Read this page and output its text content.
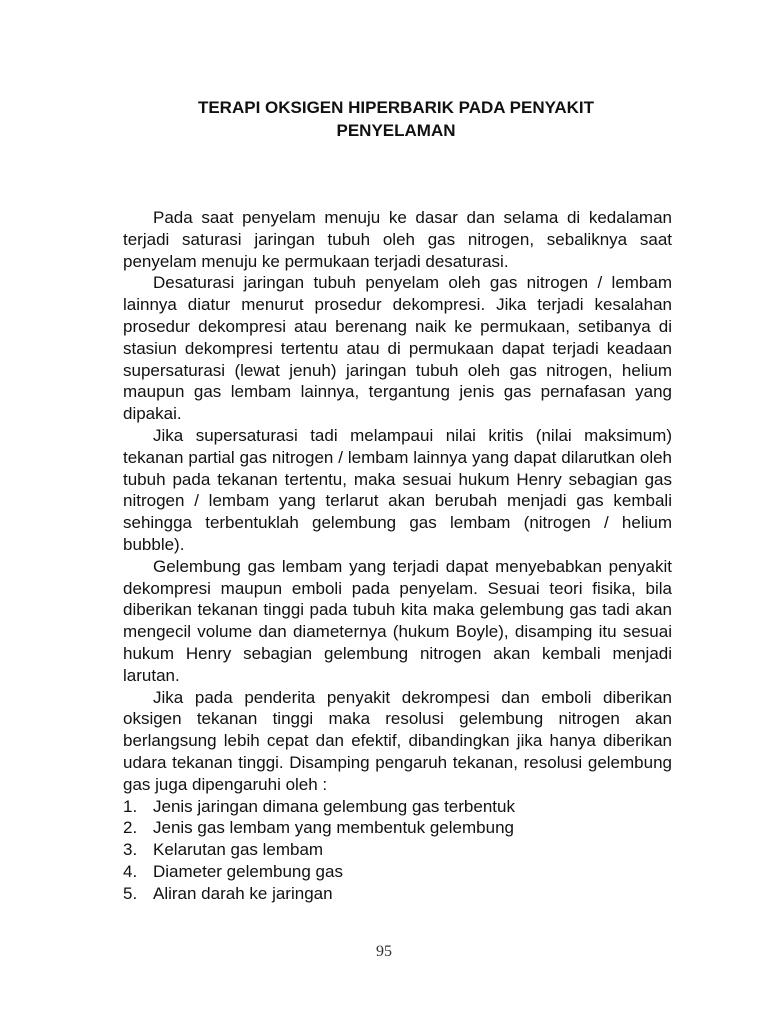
TERAPI OKSIGEN HIPERBARIK PADA PENYAKIT
PENYELAMAN

Pada saat penyelam menuju ke dasar dan selama di kedalaman terjadi saturasi jaringan tubuh oleh gas nitrogen, sebaliknya saat penyelam menuju ke permukaan terjadi desaturasi.

Desaturasi jaringan tubuh penyelam oleh gas nitrogen / lembam lainnya diatur menurut prosedur dekompresi. Jika terjadi kesalahan prosedur dekompresi atau berenang naik ke permukaan, setibanya di stasiun dekompresi tertentu atau di permukaan dapat terjadi keadaan supersaturasi (lewat jenuh) jaringan tubuh oleh gas nitrogen, helium maupun gas lembam lainnya, tergantung jenis gas pernafasan yang dipakai.

Jika supersaturasi tadi melampaui nilai kritis (nilai maksimum) tekanan partial gas nitrogen / lembam lainnya yang dapat dilarutkan oleh tubuh pada tekanan tertentu, maka sesuai hukum Henry sebagian gas nitrogen / lembam yang terlarut akan berubah menjadi gas kembali sehingga terbentuklah gelembung gas lembam (nitrogen / helium bubble).

Gelembung gas lembam yang terjadi dapat menyebabkan penyakit dekompresi maupun emboli pada penyelam. Sesuai teori fisika, bila diberikan tekanan tinggi pada tubuh kita maka gelembung gas tadi akan mengecil volume dan diameternya (hukum Boyle), disamping itu sesuai hukum Henry sebagian gelembung nitrogen akan kembali menjadi larutan.

Jika pada penderita penyakit dekrompesi dan emboli diberikan oksigen tekanan tinggi maka resolusi gelembung nitrogen akan berlangsung lebih cepat dan efektif, dibandingkan jika hanya diberikan udara tekanan tinggi. Disamping pengaruh tekanan, resolusi gelembung gas juga dipengaruhi oleh :

1. Jenis jaringan dimana gelembung gas terbentuk
2. Jenis gas lembam yang membentuk gelembung
3. Kelarutan gas lembam
4. Diameter gelembung gas
5. Aliran darah ke jaringan
95
